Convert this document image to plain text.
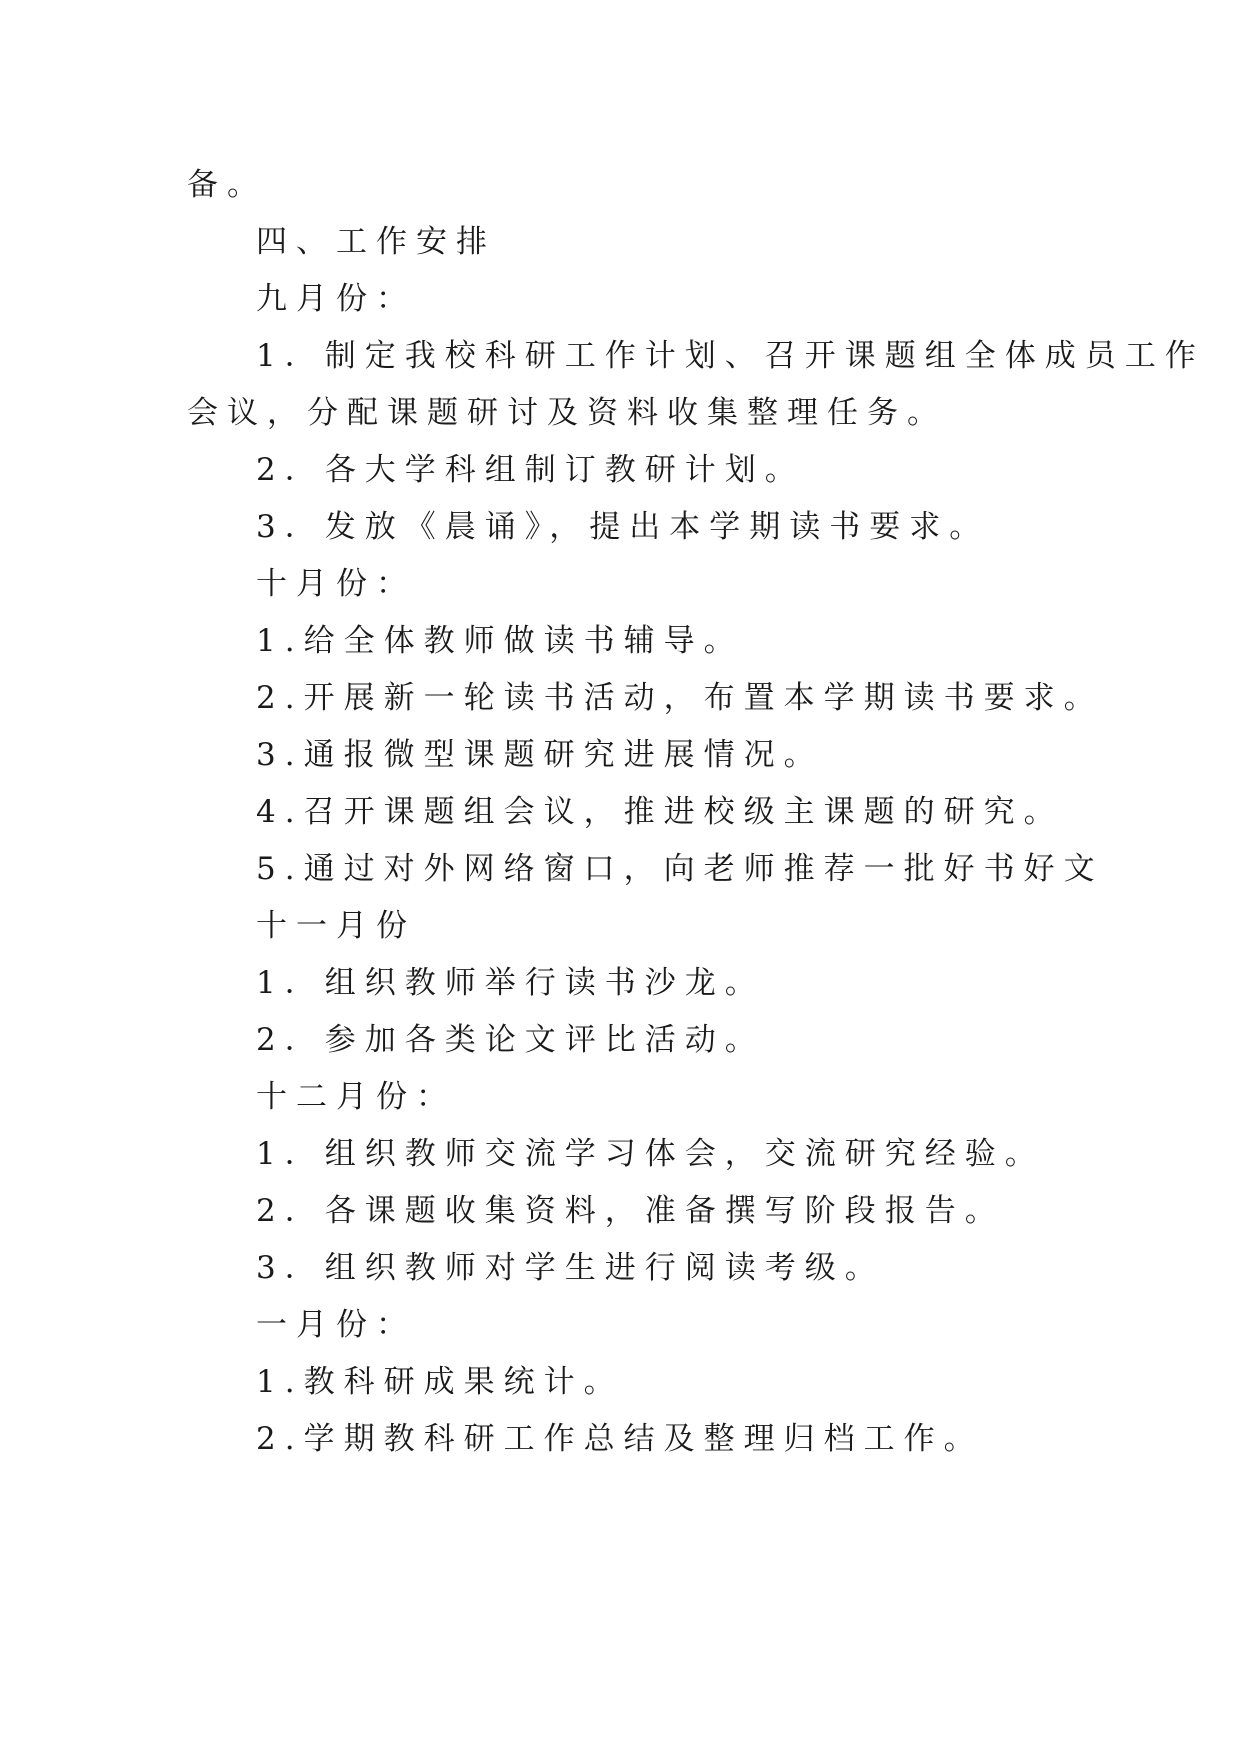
备。
四、工作安排
九月份：
1．制定我校科研工作计划、召开课题组全体成员工作
会议，分配课题研讨及资料收集整理任务。
2．各大学科组制订教研计划。
3．发放《晨诵》，提出本学期读书要求。
十月份：
1.给全体教师做读书辅导。
2.开展新一轮读书活动，布置本学期读书要求。
3.通报微型课题研究进展情况。
4.召开课题组会议，推进校级主课题的研究。
5.通过对外网络窗口，向老师推荐一批好书好文
十一月份
1．组织教师举行读书沙龙。
2．参加各类论文评比活动。
十二月份：
1．组织教师交流学习体会，交流研究经验。
2．各课题收集资料，准备撰写阶段报告。
3．组织教师对学生进行阅读考级。
一月份：
1.教科研成果统计。
2.学期教科研工作总结及整理归档工作。
